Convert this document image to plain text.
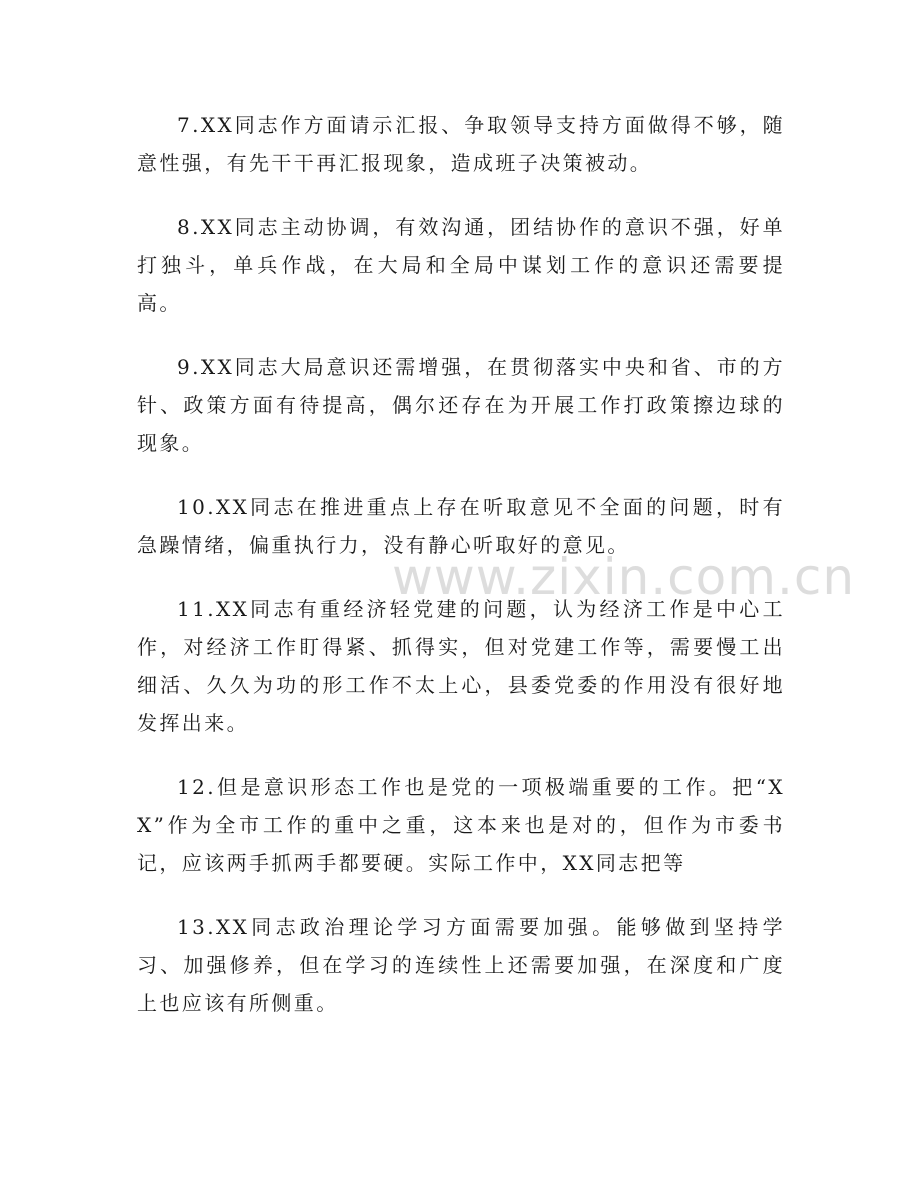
7.XX同志作方面请示汇报、争取领导支持方面做得不够，随意性强，有先干干再汇报现象，造成班子决策被动。

8.XX同志主动协调，有效沟通，团结协作的意识不强，好单打独斗，单兵作战，在大局和全局中谋划工作的意识还需要提高。

9.XX同志大局意识还需增强，在贯彻落实中央和省、市的方针、政策方面有待提高，偶尔还存在为开展工作打政策擦边球的现象。

10.XX同志在推进重点上存在听取意见不全面的问题，时有急躁情绪，偏重执行力，没有静心听取好的意见。

11.XX同志有重经济轻党建的问题，认为经济工作是中心工作，对经济工作盯得紧、抓得实，但对党建工作等，需要慢工出细活、久久为功的形工作不太上心，县委党委的作用没有很好地发挥出来。

12.但是意识形态工作也是党的一项极端重要的工作。把“XX”作为全市工作的重中之重，这本来也是对的，但作为市委书记，应该两手抓两手都要硬。实际工作中，XX同志把等

13.XX同志政治理论学习方面需要加强。能够做到坚持学习、加强修养，但在学习的连续性上还需要加强，在深度和广度上也应该有所侧重。

www.zixin.com.cn
